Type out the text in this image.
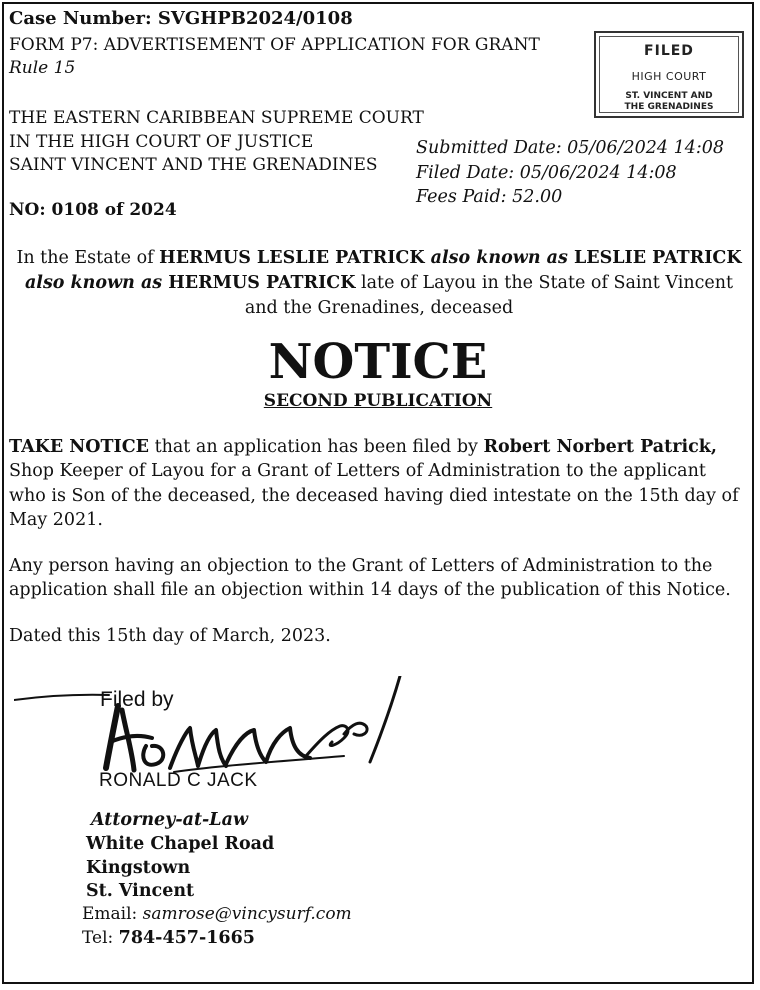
Case Number: SVGHPB2024/0108
FORM P7: ADVERTISEMENT OF APPLICATION FOR GRANT
Rule 15
THE EASTERN CARIBBEAN SUPREME COURT
IN THE HIGH COURT OF JUSTICE
SAINT VINCENT AND THE GRENADINES
NO: 0108 of 2024
Submitted Date: 05/06/2024 14:08
Filed Date: 05/06/2024 14:08
Fees Paid: 52.00
FILED
HIGH COURT
ST. VINCENT AND
THE GRENADINES
In the Estate of HERMUS LESLIE PATRICK also known as LESLIE PATRICK also known as HERMUS PATRICK late of Layou in the State of Saint Vincent and the Grenadines, deceased
NOTICE
SECOND PUBLICATION
TAKE NOTICE that an application has been filed by Robert Norbert Patrick, Shop Keeper of Layou for a Grant of Letters of Administration to the applicant who is Son of the deceased, the deceased having died intestate on the 15th day of May 2021.
Any person having an objection to the Grant of Letters of Administration to the application shall file an objection within 14 days of the publication of this Notice.
Dated this 15th day of March, 2023.
Filed by
RONALD C JACK
Attorney-at-Law
White Chapel Road
Kingstown
St. Vincent
Email: samrose@vincysurf.com
Tel: 784-457-1665
